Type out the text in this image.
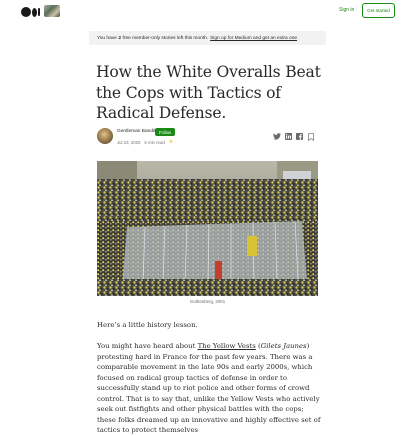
Sign in	Get started
You have 2 free member-only stories left this month. Sign up for Medium and get an extra one
How the White Overalls Beat the Cops with Tactics of Radical Defense.
Gentleman Bandit Follow
Jul 23, 2020 6 min read ★
Gothenberg, 2001

Here’s a little history lesson.

You might have heard about The Yellow Vests (Gilets Jaunes) protesting hard in France for the past few years. There was a comparable movement in the late 90s and early 2000s, which focused on radical group tactics of defense in order to successfully stand up to riot police and other forms of crowd control. That is to say that, unlike the Yellow Vests who actively seek out fistfights and other physical battles with the cops; these folks dreamed up an innovative and highly effective set of tactics to protect themselves
